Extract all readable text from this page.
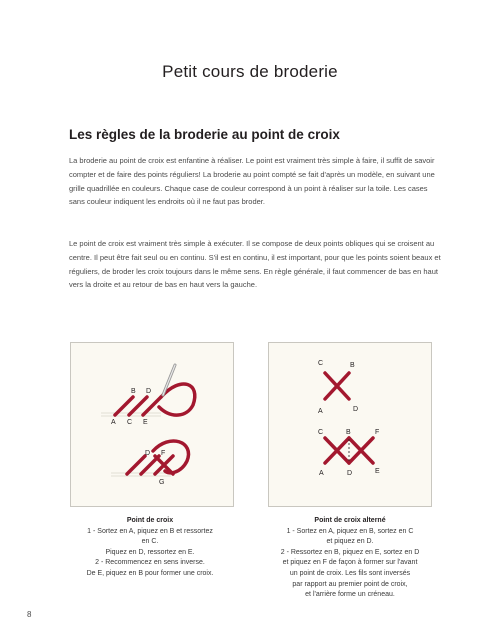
Petit cours de broderie
Les règles de la broderie au point de croix

La broderie au point de croix est enfantine à réaliser. Le point est vraiment très simple à faire, il suffit de savoir compter et de faire des points réguliers! La broderie au point compté se fait d'après un modèle, en suivant une grille quadrillée en couleurs. Chaque case de couleur correspond à un point à réaliser sur la toile. Les cases sans couleur indiquent les endroits où il ne faut pas broder.

Le point de croix est vraiment très simple à exécuter. Il se compose de deux points obliques qui se croisent au centre. Il peut être fait seul ou en continu. S'il est en continu, il est important, pour que les points soient beaux et réguliers, de broder les croix toujours dans le même sens. En règle générale, il faut commencer de bas en haut vers la droite et au retour de bas en haut vers la gauche.

B D
A C E
D F
G
C	B
A	D
C	B	F
A	D	E
Point de croix
1 - Sortez en A, piquez en B et ressortez
en C.
Piquez en D, ressortez en E.
2 - Recommencez en sens inverse.
De E, piquez en B pour former une croix.
Point de croix alterné
1 - Sortez en A, piquez en B, sortez en C
et piquez en D.
2 - Ressortez en B, piquez en E, sortez en D
et piquez en F de façon à former sur l'avant
un point de croix. Les fils sont inversés
par rapport au premier point de croix,
et l'arrière forme un créneau.
8
